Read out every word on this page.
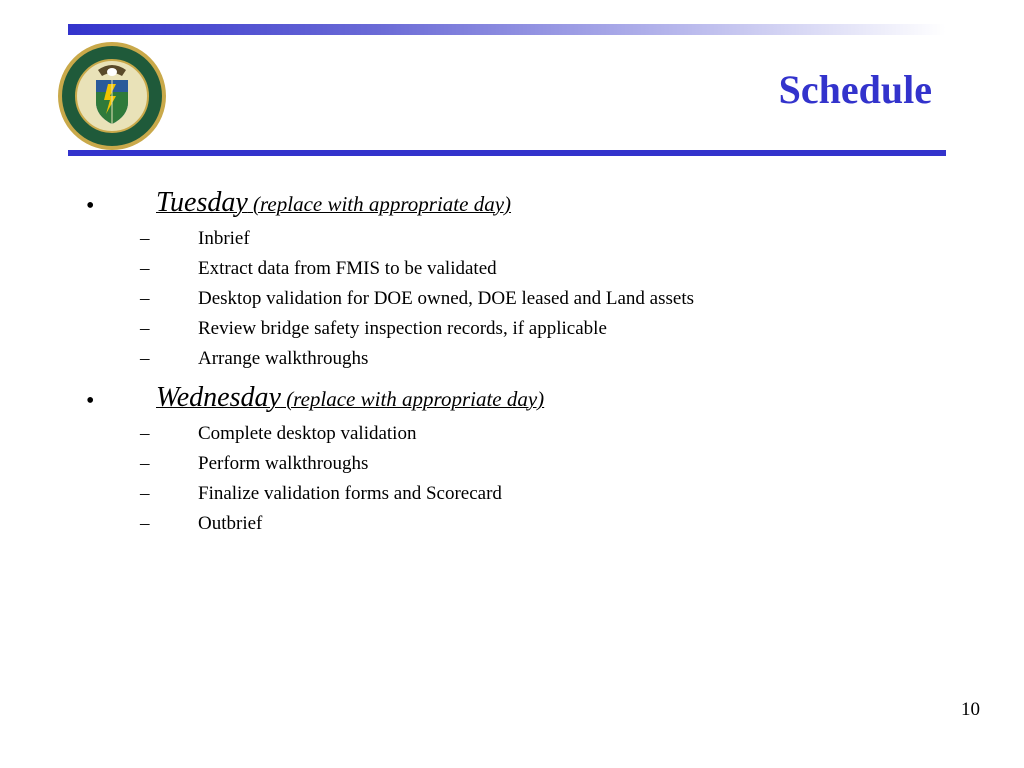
Schedule
• Tuesday (replace with appropriate day)
–	Inbrief
–	Extract data from FMIS to be validated
–	Desktop validation for DOE owned, DOE leased and Land assets
–	Review bridge safety inspection records, if applicable
–	Arrange walkthroughs
• Wednesday (replace with appropriate day)
–	Complete desktop validation
–	Perform walkthroughs
–	Finalize validation forms and Scorecard
–	Outbrief
10
